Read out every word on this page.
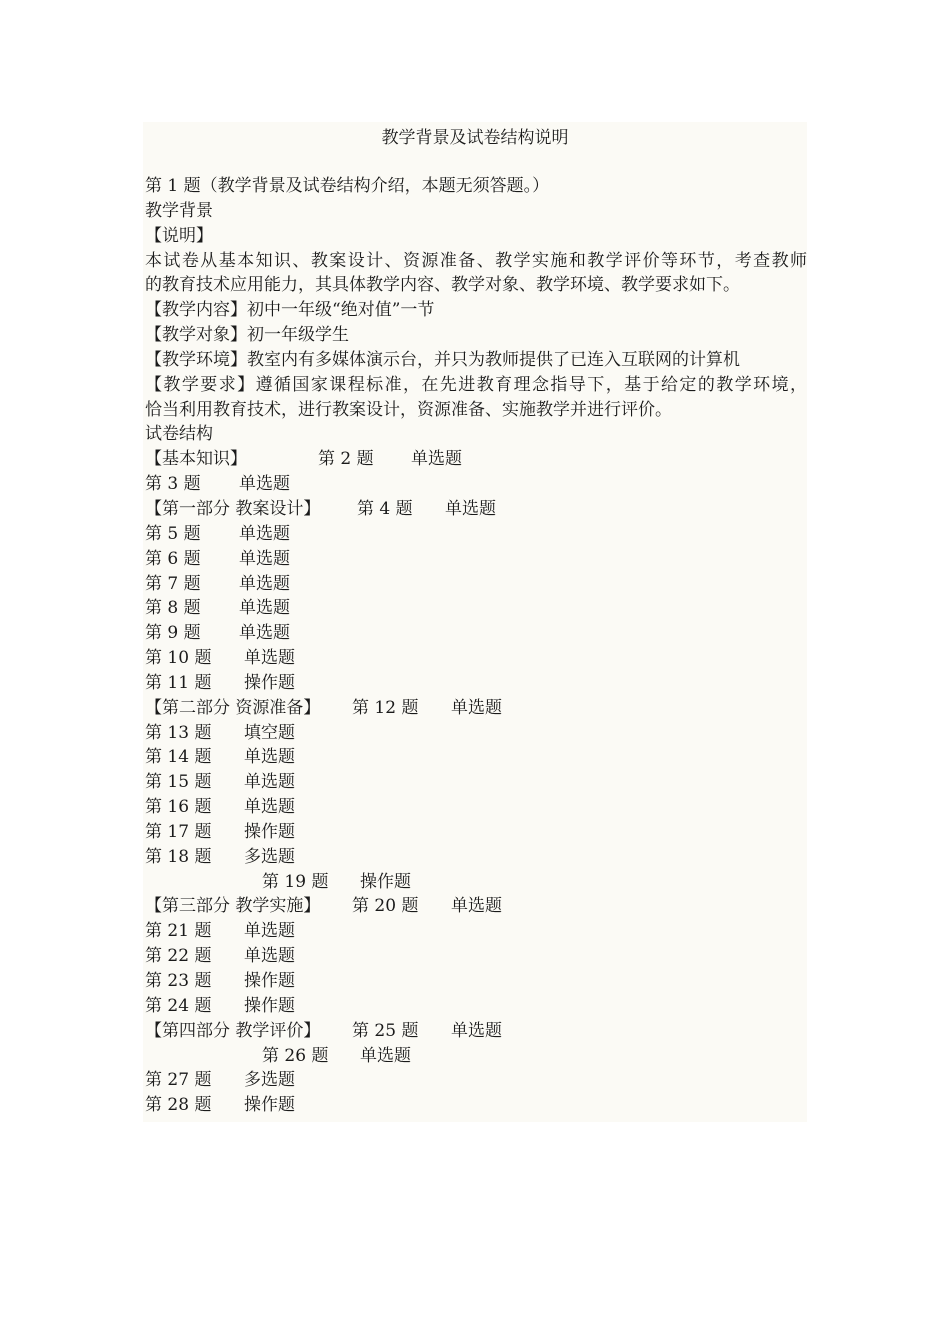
教学背景及试卷结构说明
第 1 题（教学背景及试卷结构介绍，本题无须答题。）
教学背景
【说明】
本试卷从基本知识、教案设计、资源准备、教学实施和教学评价等环节，考查教师
的教育技术应用能力，其具体教学内容、教学对象、教学环境、教学要求如下。
【教学内容】初中一年级“绝对值”一节
【教学对象】初一年级学生
【教学环境】教室内有多媒体演示台，并只为教师提供了已连入互联网的计算机
【教学要求】遵循国家课程标准，在先进教育理念指导下，基于给定的教学环境，
恰当利用教育技术，进行教案设计，资源准备、实施教学并进行评价。
试卷结构
【基本知识】	第 2 题 单选题
第 3 题 单选题
【第一部分 教案设计】 第 4 题 单选题
第 5 题 单选题
第 6 题 单选题
第 7 题 单选题
第 8 题 单选题
第 9 题 单选题
第 10 题 单选题
第 11 题 操作题
【第二部分 资源准备】 第 12 题 单选题
第 13 题 填空题
第 14 题 单选题
第 15 题 单选题
第 16 题 单选题
第 17 题 操作题
第 18 题 多选题
第 19 题 操作题
【第三部分 教学实施】 第 20 题 单选题
第 21 题 单选题
第 22 题 单选题
第 23 题 操作题
第 24 题 操作题
【第四部分 教学评价】 第 25 题 单选题
第 26 题 单选题
第 27 题 多选题
第 28 题 操作题
